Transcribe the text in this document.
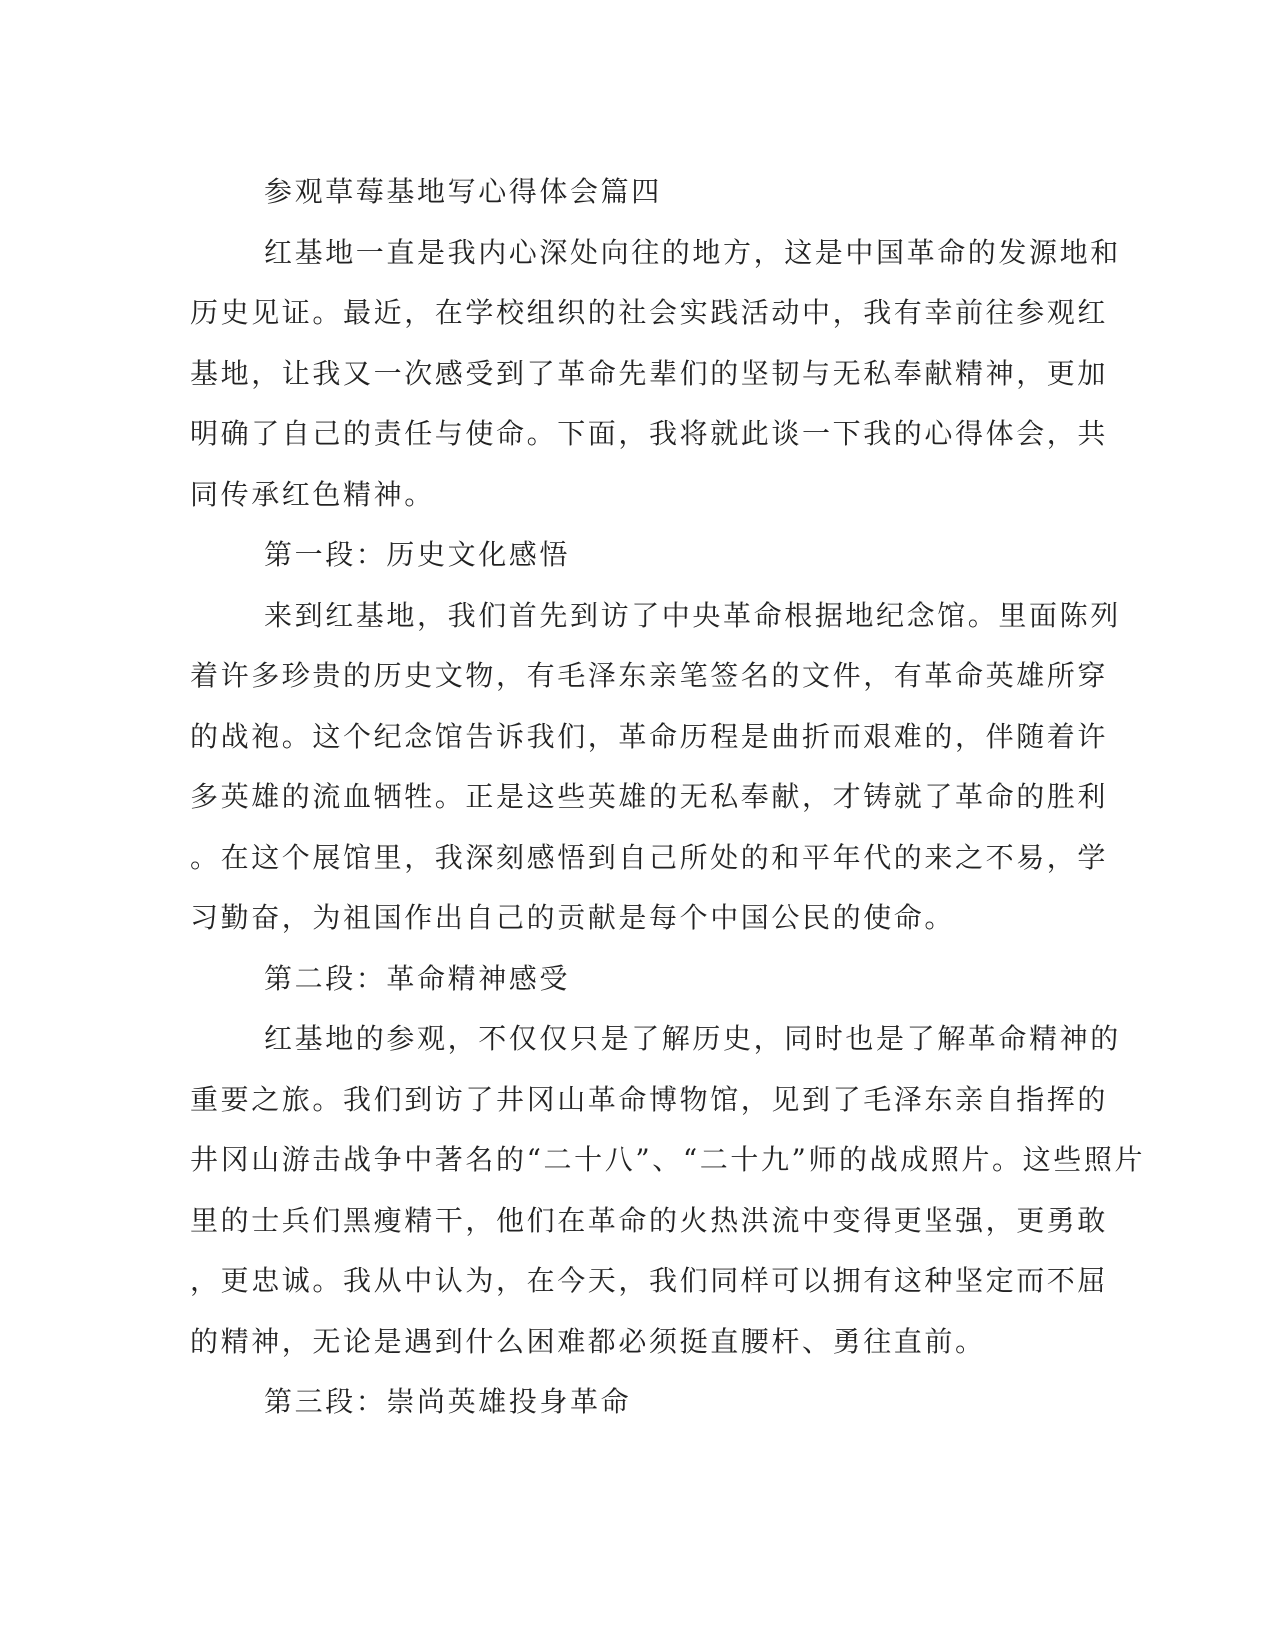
参观草莓基地写心得体会篇四
红基地一直是我内心深处向往的地方，这是中国革命的发源地和
历史见证。最近，在学校组织的社会实践活动中，我有幸前往参观红
基地，让我又一次感受到了革命先辈们的坚韧与无私奉献精神，更加
明确了自己的责任与使命。下面，我将就此谈一下我的心得体会，共
同传承红色精神。
第一段：历史文化感悟
来到红基地，我们首先到访了中央革命根据地纪念馆。里面陈列
着许多珍贵的历史文物，有毛泽东亲笔签名的文件，有革命英雄所穿
的战袍。这个纪念馆告诉我们，革命历程是曲折而艰难的，伴随着许
多英雄的流血牺牲。正是这些英雄的无私奉献，才铸就了革命的胜利
。在这个展馆里，我深刻感悟到自己所处的和平年代的来之不易，学
习勤奋，为祖国作出自己的贡献是每个中国公民的使命。
第二段：革命精神感受
红基地的参观，不仅仅只是了解历史，同时也是了解革命精神的
重要之旅。我们到访了井冈山革命博物馆，见到了毛泽东亲自指挥的
井冈山游击战争中著名的“二十八”、“二十九”师的战成照片。这些照片
里的士兵们黑瘦精干，他们在革命的火热洪流中变得更坚强，更勇敢
，更忠诚。我从中认为，在今天，我们同样可以拥有这种坚定而不屈
的精神，无论是遇到什么困难都必须挺直腰杆、勇往直前。
第三段：崇尚英雄投身革命
